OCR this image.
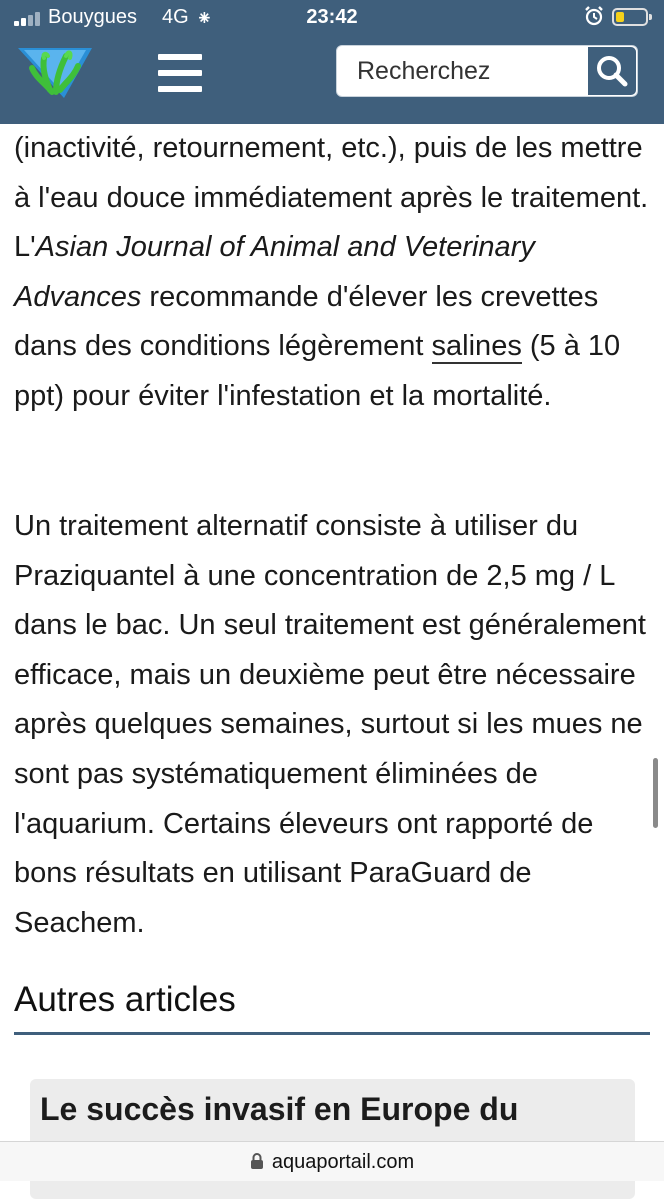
Bouygues 4G ⁕	23:42
Recherchez

(inactivité, retournement, etc.), puis de les mettre à l'eau douce immédiatement après le traitement. L'Asian Journal of Animal and Veterinary Advances recommande d'élever les crevettes dans des conditions légèrement salines (5 à 10 ppt) pour éviter l'infestation et la mortalité.

Un traitement alternatif consiste à utiliser du Praziquantel à une concentration de 2,5 mg / L dans le bac. Un seul traitement est généralement efficace, mais un deuxième peut être nécessaire après quelques semaines, surtout si les mues ne sont pas systématiquement éliminées de l'aquarium. Certains éleveurs ont rapporté de bons résultats en utilisant ParaGuard de Seachem.

Autres articles
Le succès invasif en Europe du
aquaportail.com
